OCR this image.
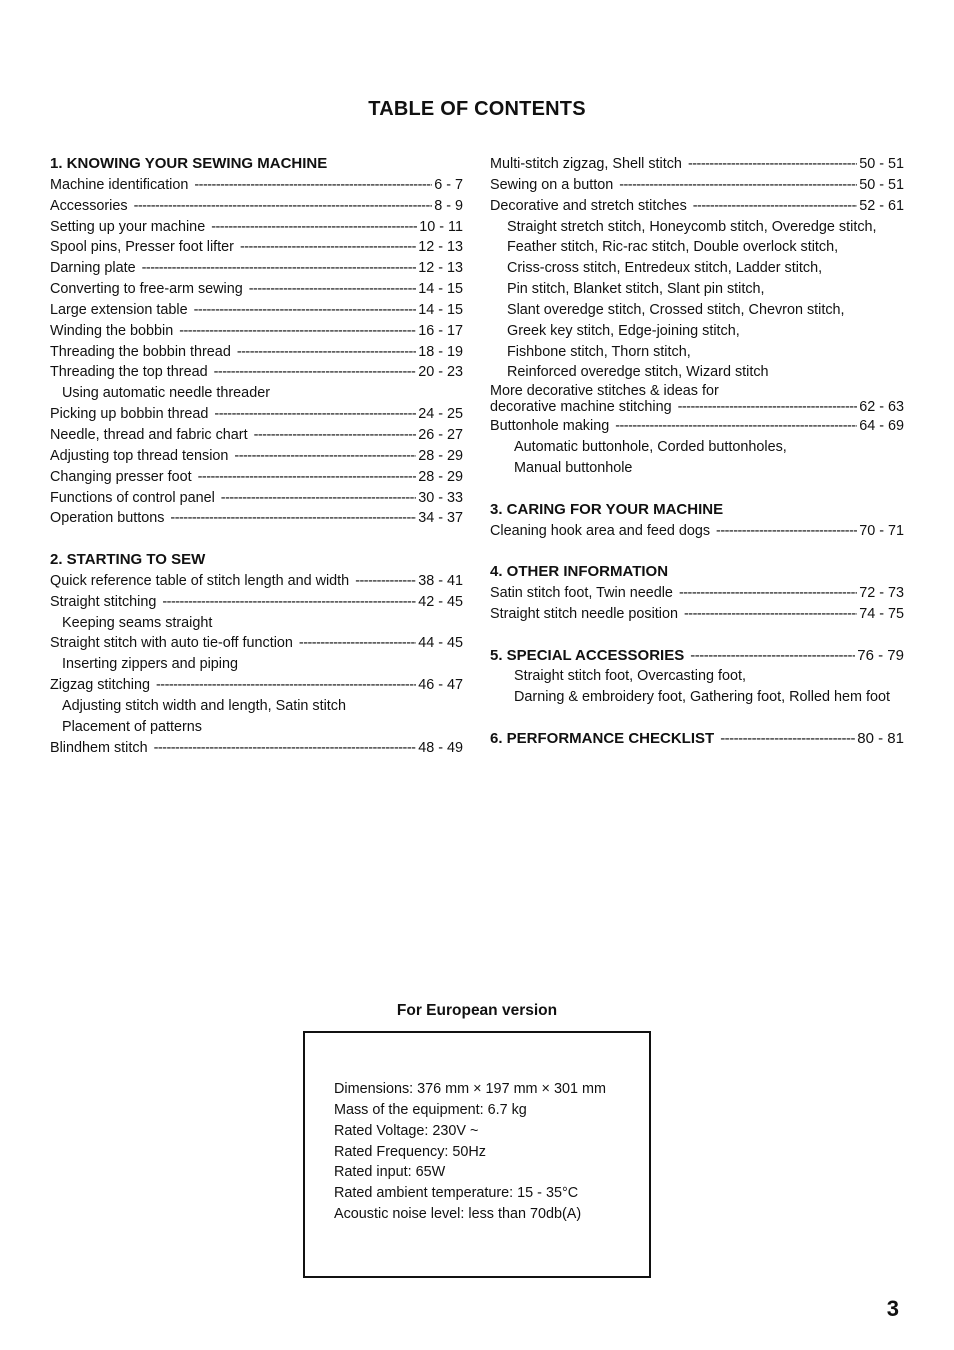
TABLE OF CONTENTS
1. KNOWING YOUR SEWING MACHINE
Machine identification -----	6 - 7
Accessories -----	8 - 9
Setting up your machine -----	10 - 11
Spool pins, Presser foot lifter -----	12 - 13
Darning plate -----	12 - 13
Converting to free-arm sewing -----	14 - 15
Large extension table -----	14 - 15
Winding the bobbin -----	16 - 17
Threading the bobbin thread -----	18 - 19
Threading the top thread -----	20 - 23
Using automatic needle threader
Picking up bobbin thread -----	24 - 25
Needle, thread and fabric chart -----	26 - 27
Adjusting top thread tension -----	28 - 29
Changing presser foot -----	28 - 29
Functions of control panel -----	30 - 33
Operation buttons -----	34 - 37
2. STARTING TO SEW
Quick reference table of stitch length and width -----	38 - 41
Straight stitching -----	42 - 45
Keeping seams straight
Straight stitch with auto tie-off function -----	44 - 45
Inserting zippers and piping
Zigzag stitching -----	46 - 47
Adjusting stitch width and length, Satin stitch
Placement of patterns
Blindhem stitch -----	48 - 49
Multi-stitch zigzag, Shell stitch -----	50 - 51
Sewing on a button -----	50 - 51
Decorative and stretch stitches -----	52 - 61
Straight stretch stitch, Honeycomb stitch, Overedge stitch,
Feather stitch, Ric-rac stitch, Double overlock stitch,
Criss-cross stitch, Entredeux stitch, Ladder stitch,
Pin stitch, Blanket stitch, Slant pin stitch,
Slant overedge stitch, Crossed stitch, Chevron stitch,
Greek key stitch, Edge-joining stitch,
Fishbone stitch, Thorn stitch,
Reinforced overedge stitch, Wizard stitch
More decorative stitches & ideas for
decorative machine stitching -----	62 - 63
Buttonhole making -----	64 - 69
Automatic buttonhole, Corded buttonholes,
Manual buttonhole
3. CARING FOR YOUR MACHINE
Cleaning hook area and feed dogs -----	70 - 71
4. OTHER INFORMATION
Satin stitch foot, Twin needle -----	72 - 73
Straight stitch needle position -----	74 - 75
5. SPECIAL ACCESSORIES -----	76 - 79
Straight stitch foot, Overcasting foot,
Darning & embroidery foot, Gathering foot, Rolled hem foot
6. PERFORMANCE CHECKLIST -----	80 - 81
For European version
Dimensions: 376 mm × 197 mm × 301 mm
Mass of the equipment: 6.7 kg
Rated Voltage: 230V ~
Rated Frequency: 50Hz
Rated input: 65W
Rated ambient temperature: 15 - 35°C
Acoustic noise level: less than 70db(A)
3
